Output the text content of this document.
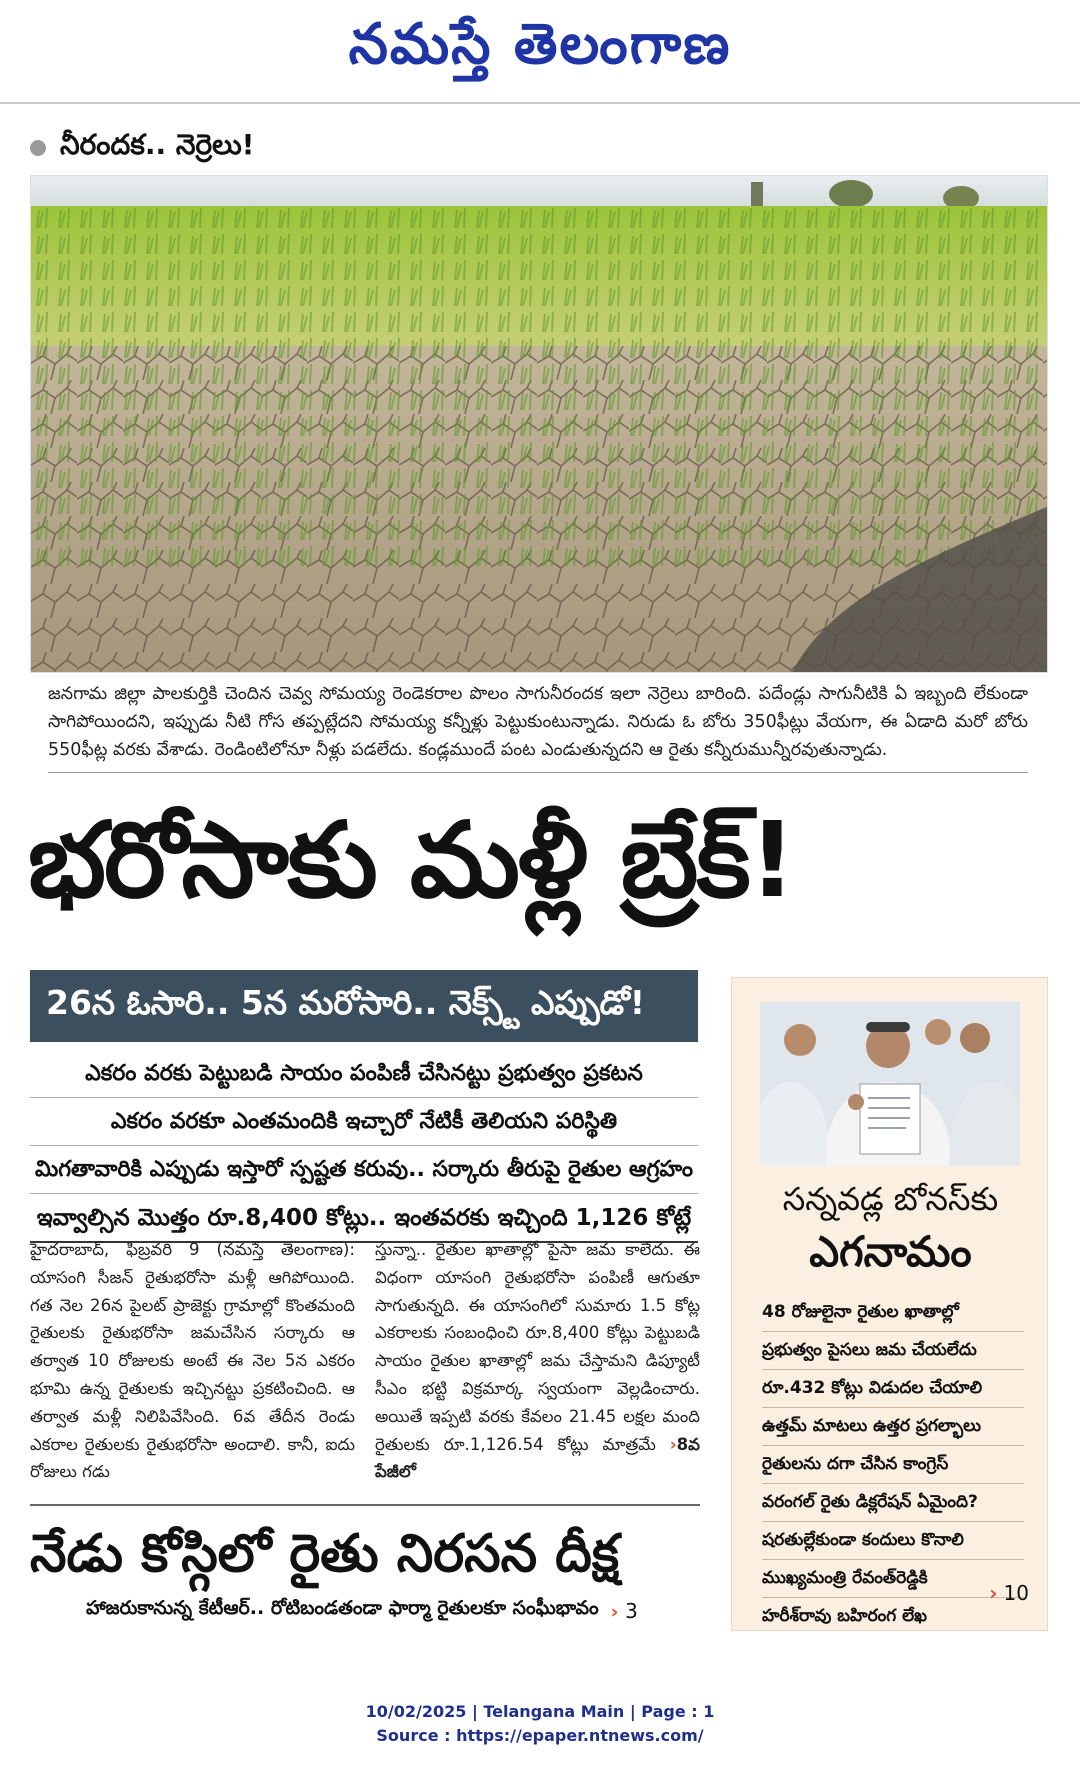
నమస్తే తెలంగాణ
నీరందక.. నెర్రెలు!

జనగామ జిల్లా పాలకుర్తికి చెందిన చెవ్వ సోమయ్య రెండెకరాల పొలం సాగునీరందక ఇలా నెర్రెలు బారింది. పదేండ్లు సాగునీటికి ఏ ఇబ్బంది లేకుండా సాగిపోయిందని, ఇప్పుడు నీటి గోస తప్పట్లేదని సోమయ్య కన్నీళ్లు పెట్టుకుంటున్నాడు. నిరుడు ఓ బోరు 350ఫీట్లు వేయగా, ఈ ఏడాది మరో బోరు 550ఫీట్ల వరకు వేశాడు. రెండింటిలోనూ నీళ్లు పడలేదు. కండ్లముందే పంట ఎండుతున్నదని ఆ రైతు కన్నీరుమున్నీరవుతున్నాడు.

భరోసాకు మళ్లీ బ్రేక్!
26న ఓసారి.. 5న మరోసారి.. నెక్స్ట్ ఎప్పుడో!
ఎకరం వరకు పెట్టుబడి సాయం పంపిణీ చేసినట్టు ప్రభుత్వం ప్రకటన
ఎకరం వరకూ ఎంతమందికి ఇచ్చారో నేటికీ తెలియని పరిస్థితి
మిగతావారికి ఎప్పుడు ఇస్తారో స్పష్టత కరువు.. సర్కారు తీరుపై రైతుల ఆగ్రహం
ఇవ్వాల్సిన మొత్తం రూ.8,400 కోట్లు.. ఇంతవరకు ఇచ్చింది 1,126 కోట్లే

హైదరాబాద్, ఫిబ్రవరి 9 (నమస్తే తెలంగాణ): యాసంగి సీజన్ రైతుభరోసా మళ్లీ ఆగిపోయింది. గత నెల 26న పైలట్ ప్రాజెక్టు గ్రామాల్లో కొంతమంది రైతులకు రైతుభరోసా జమచేసిన సర్కారు ఆ తర్వాత 10 రోజులకు అంటే ఈ నెల 5న ఎకరం భూమి ఉన్న రైతులకు ఇచ్చినట్టు ప్రకటించింది. ఆ తర్వాత మళ్లీ నిలిపివేసింది. 6వ తేదీన రెండు ఎకరాల రైతులకు రైతుభరోసా అందాలి. కానీ, ఐదు రోజులు గడు

స్తున్నా.. రైతుల ఖాతాల్లో పైసా జమ కాలేదు. ఈ విధంగా యాసంగి రైతుభరోసా పంపిణీ ఆగుతూ సాగుతున్నది. ఈ యాసంగిలో సుమారు 1.5 కోట్ల ఎకరాలకు సంబంధించి రూ.8,400 కోట్లు పెట్టుబడి సాయం రైతుల ఖాతాల్లో జమ చేస్తామని డిప్యూటీ సీఎం భట్టి విక్రమార్క స్వయంగా వెల్లడించారు. అయితే ఇప్పటి వరకు కేవలం 21.45 లక్షల మంది రైతులకు రూ.1,126.54 కోట్లు మాత్రమే ›8వ పేజీలో

నేడు కోస్గిలో రైతు నిరసన దీక్ష
హాజరుకానున్న కేటీఆర్.. రోటిబండతండా ఫార్మా రైతులకూ సంఘీభావం › 3
సన్నవడ్ల బోనస్‌కు
ఎగనామం
48 రోజులైనా రైతుల ఖాతాల్లో
ప్రభుత్వం పైసలు జమ చేయలేదు
రూ.432 కోట్లు విడుదల చేయాలి
ఉత్తమ్ మాటలు ఉత్తర ప్రగల్భాలు
రైతులను దగా చేసిన కాంగ్రెస్
వరంగల్ రైతు డిక్లరేషన్ ఏమైంది?
షరతుల్లేకుండా కందులు కొనాలి
ముఖ్యమంత్రి రేవంత్‌రెడ్డికి
హరీశ్‌రావు బహిరంగ లేఖ
› 10
10/02/2025 | Telangana Main | Page : 1
Source : https://epaper.ntnews.com/
